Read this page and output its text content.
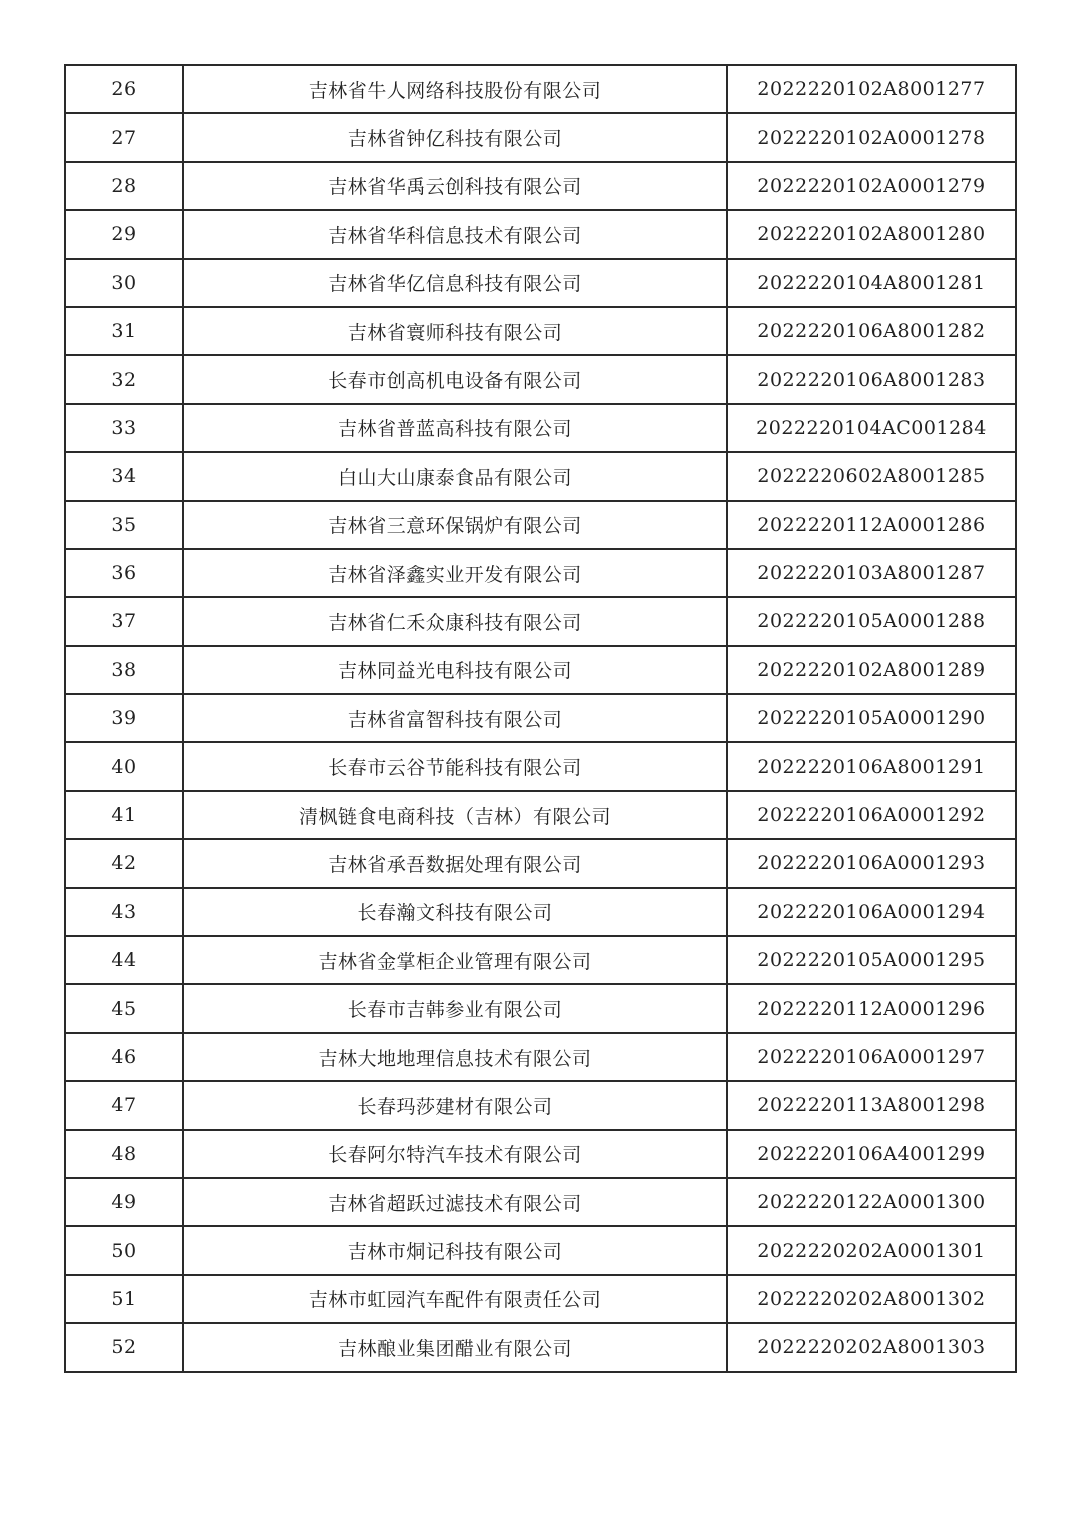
26	吉林省牛人网络科技股份有限公司	2022220102A8001277
27	吉林省钟亿科技有限公司	2022220102A0001278
28	吉林省华禹云创科技有限公司	2022220102A0001279
29	吉林省华科信息技术有限公司	2022220102A8001280
30	吉林省华亿信息科技有限公司	2022220104A8001281
31	吉林省寰师科技有限公司	2022220106A8001282
32	长春市创高机电设备有限公司	2022220106A8001283
33	吉林省普蓝高科技有限公司	2022220104AC001284
34	白山大山康泰食品有限公司	2022220602A8001285
35	吉林省三意环保锅炉有限公司	2022220112A0001286
36	吉林省泽鑫实业开发有限公司	2022220103A8001287
37	吉林省仁禾众康科技有限公司	2022220105A0001288
38	吉林同益光电科技有限公司	2022220102A8001289
39	吉林省富智科技有限公司	2022220105A0001290
40	长春市云谷节能科技有限公司	2022220106A8001291
41	清枫链食电商科技（吉林）有限公司	2022220106A0001292
42	吉林省承吾数据处理有限公司	2022220106A0001293
43	长春瀚文科技有限公司	2022220106A0001294
44	吉林省金掌柜企业管理有限公司	2022220105A0001295
45	长春市吉韩参业有限公司	2022220112A0001296
46	吉林大地地理信息技术有限公司	2022220106A0001297
47	长春玛莎建材有限公司	2022220113A8001298
48	长春阿尔特汽车技术有限公司	2022220106A4001299
49	吉林省超跃过滤技术有限公司	2022220122A0001300
50	吉林市烔记科技有限公司	2022220202A0001301
51	吉林市虹园汽车配件有限责任公司	2022220202A8001302
52	吉林酿业集团醋业有限公司	2022220202A8001303
